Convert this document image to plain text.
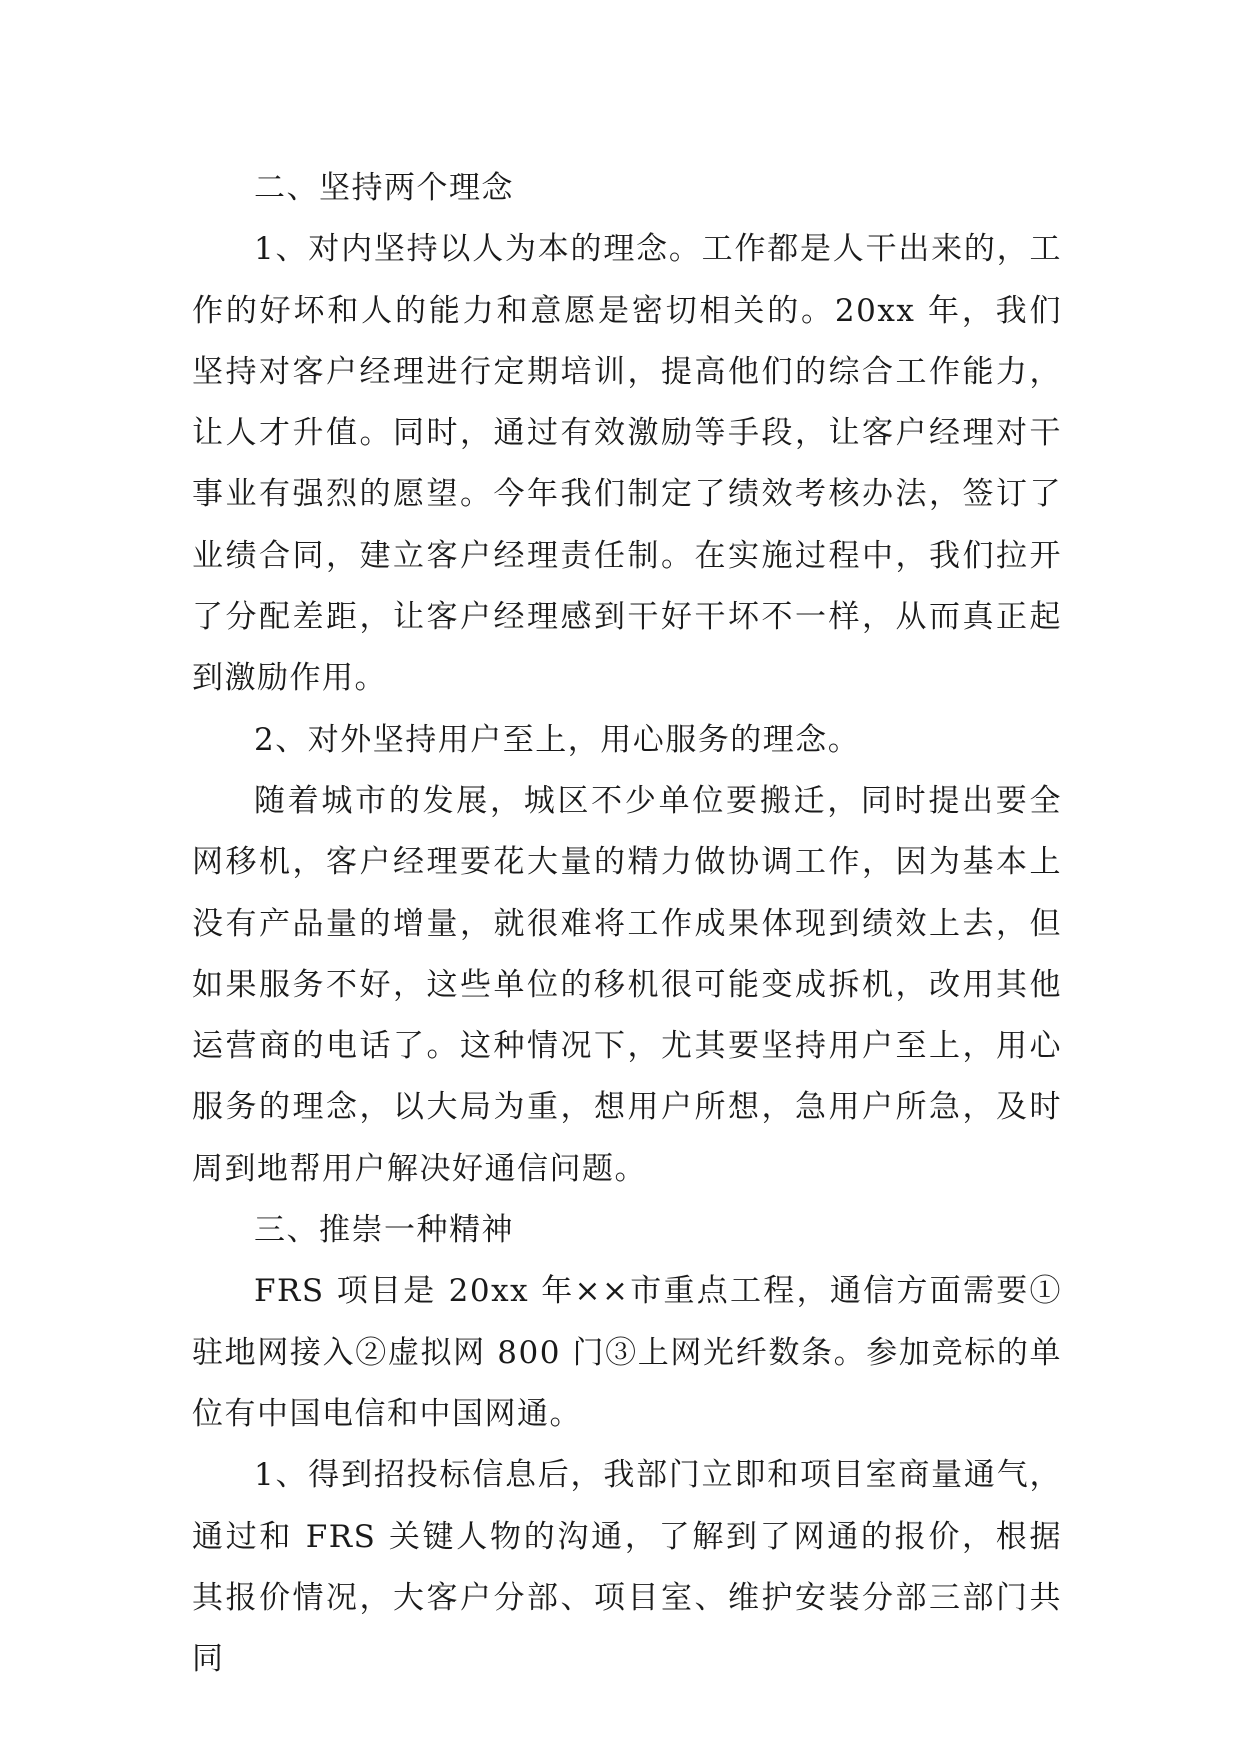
二、坚持两个理念

1、对内坚持以人为本的理念。工作都是人干出来的，工作的好坏和人的能力和意愿是密切相关的。20xx 年，我们坚持对客户经理进行定期培训，提高他们的综合工作能力，让人才升值。同时，通过有效激励等手段，让客户经理对干事业有强烈的愿望。今年我们制定了绩效考核办法，签订了业绩合同，建立客户经理责任制。在实施过程中，我们拉开了分配差距，让客户经理感到干好干坏不一样，从而真正起到激励作用。

2、对外坚持用户至上，用心服务的理念。

随着城市的发展，城区不少单位要搬迁，同时提出要全网移机，客户经理要花大量的精力做协调工作，因为基本上没有产品量的增量，就很难将工作成果体现到绩效上去，但如果服务不好，这些单位的移机很可能变成拆机，改用其他运营商的电话了。这种情况下，尤其要坚持用户至上，用心服务的理念，以大局为重，想用户所想，急用户所急，及时周到地帮用户解决好通信问题。

三、推崇一种精神

FRS 项目是 20xx 年××市重点工程，通信方面需要①驻地网接入②虚拟网 800 门③上网光纤数条。参加竞标的单位有中国电信和中国网通。

1、得到招投标信息后，我部门立即和项目室商量通气，通过和 FRS 关键人物的沟通，了解到了网通的报价，根据其报价情况，大客户分部、项目室、维护安装分部三部门共同
